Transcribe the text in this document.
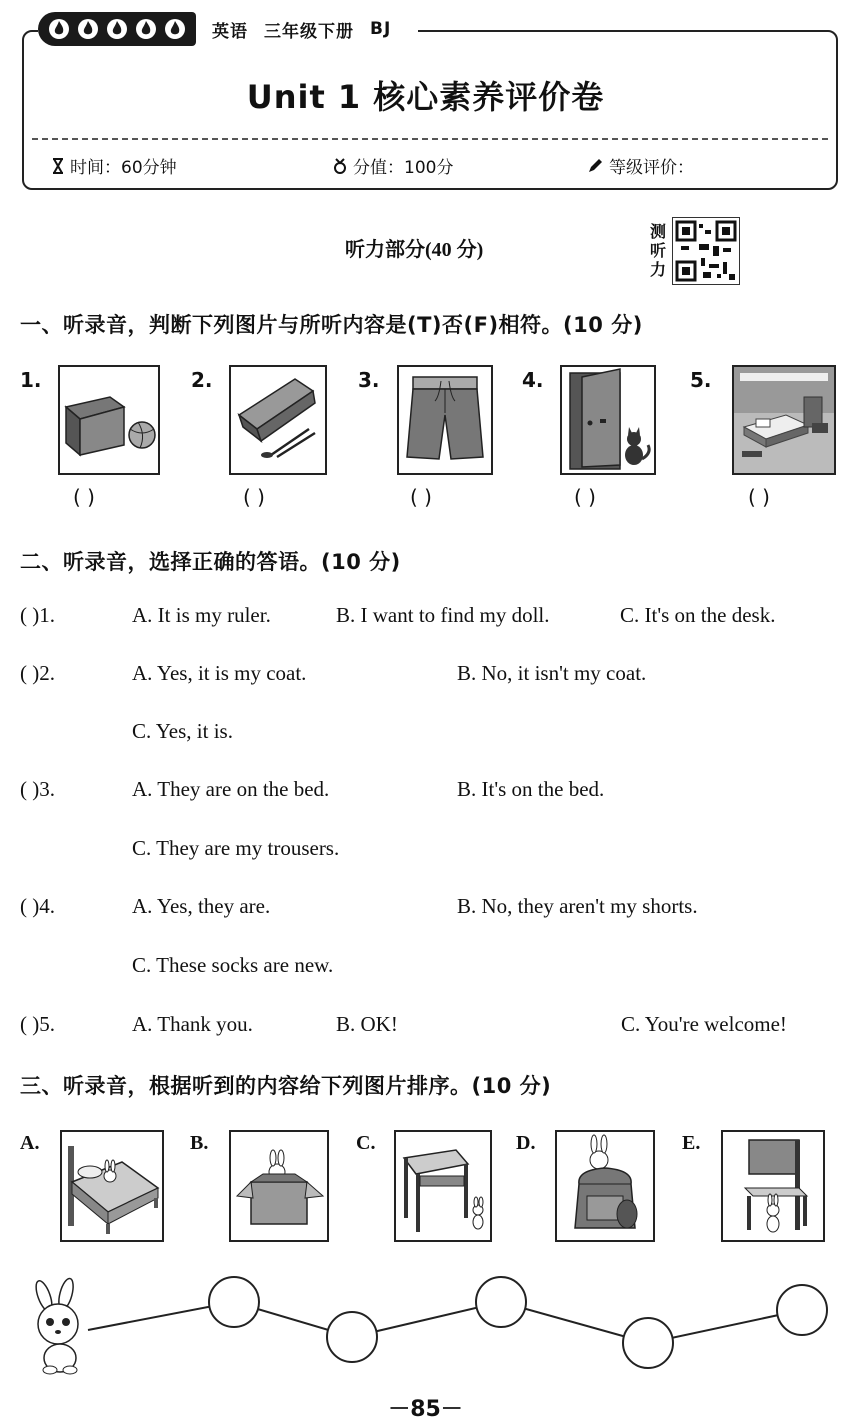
英语 三年级下册 BJ
Unit 1 核心素养评价卷
时间：60分钟	分值：100分	等级评价：
听力部分(40 分)
测听力
一、听录音，判断下列图片与所听内容是(T)否(F)相符。(10 分)
1.
( )
2.
( )
3.
( )
4.
( )
5.
( )
二、听录音，选择正确的答语。(10 分)
( )1.	A. It is my ruler.	B. I want to find my doll.	C. It's on the desk.
( )2.	A. Yes, it is my coat.	B. No, it isn't my coat.
C. Yes, it is.
( )3.	A. They are on the bed.	B. It's on the bed.
C. They are my trousers.
( )4.	A. Yes, they are.	B. No, they aren't my shorts.
C. These socks are new.
( )5.	A. Thank you.	B. OK!	C. You're welcome!
三、听录音，根据听到的内容给下列图片排序。(10 分)
A.	B.	C.	D.	E.
－85－
